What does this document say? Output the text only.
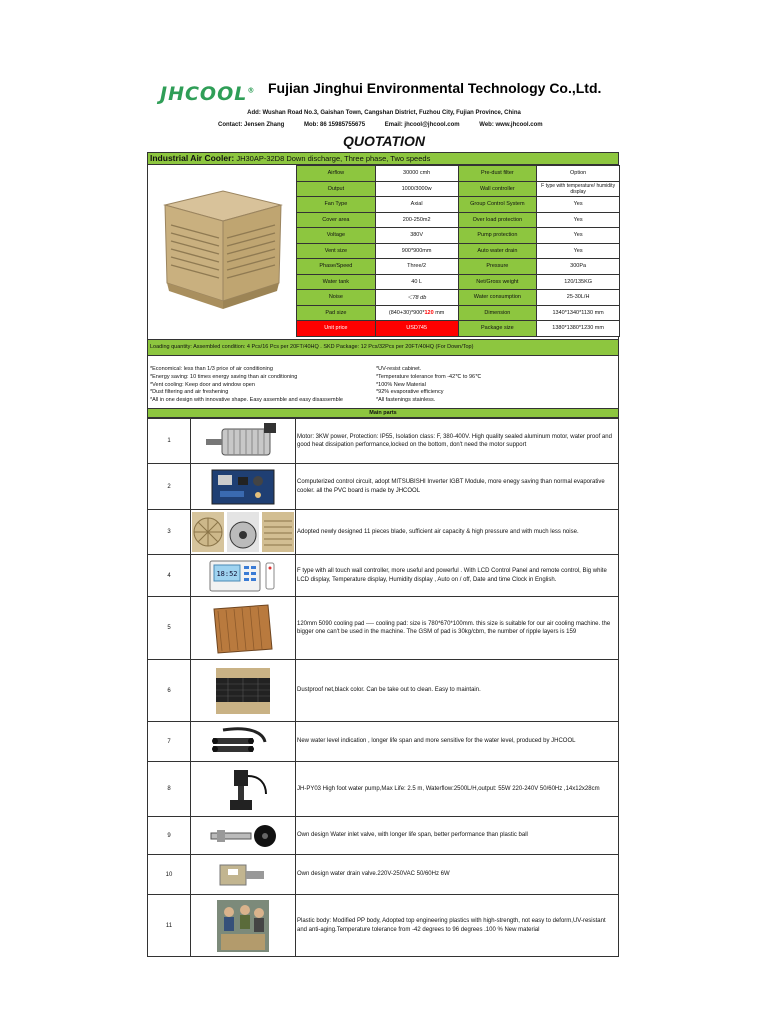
JHCOOL® Fujian Jinghui Environmental Technology Co.,Ltd.
Add: Wushan Road No.3, Gaishan Town, Cangshan District, Fuzhou City, Fujian Province, China
Contact: Jensen Zhang	Mob: 86 15985755675	Email: jhcool@jhcool.com	Web: www.jhcool.com
QUOTATION
Industrial Air Cooler: JH30AP-32D8 Down discharge, Three phase, Two speeds
Airflow	30000 cmh	Pre-dust filter	Option
Output	1000/3000w	Wall controller	F type with temperature/ humidity display
Fan Type	Axial	Group Control System	Yes
Cover area	200-250m2	Over load protection	Yes
Voltage	380V	Pump protection	Yes
Vent size	900*900mm	Auto water drain	Yes
Phase/Speed	Three/2	Pressure	300Pa
Water tank	40 L	Net/Gross weight	120/135KG
Noise	＜78 db	Water consumption	25-30L/H
Pad size	(840+30)*900*120 mm	Dimension	1340*1340*1130 mm
Unit price	USD745	Package size	1380*1380*1230 mm
Loading quantity: Assembled condition: 4 Pcs/16 Pcs per 20FT/40HQ . SKD Package: 12 Pcs/32Pcs per 20FT/40HQ (For Down/Top)
*Economical: less than 1/3 price of air conditioning
*Energy saving: 10 times energy saving than air conditioning
*Vent cooling: Keep door and window open
*Dust filtering and air freshening
*All in one design with innovative shape. Easy assemble and easy disassemble
*UV-resist cabinet.
*Temperature tolerance from -42℃ to 96℃
*100% New Material
*92% evaporative efficiency
*All fastenings stainless.
Main parts
1		Motor: 3KW power, Protection: IP55, Isolation class: F, 380-400V. High quality sealed aluminum motor, water proof and good heat dissipation performance,locked on the bottom, don't need the motor support
2		Computerized control circuit, adopt MITSUBISHI Inverter IGBT Module, more enegy saving than normal evaporative cooler. all the PVC board is made by JHCOOL
3		Adopted newly designed 11 pieces blade, sufficient air capacity & high pressure and with much less noise.
4	18:52	F type with all touch wall controller, more useful and powerful . With LCD Control Panel and remote control, Big white LCD display, Temperature display, Humidity display , Auto on / off, Date and time Clock in English.
5		120mm 5090 cooling pad ---- cooling pad: size is 780*670*100mm. this size is suitable for our air cooling machine. the bigger one can't be used in the machine. The GSM of pad is 30kg/cbm, the number of ripple layers is 159
6		Dustproof net,black color. Can be take out to clean. Easy to maintain.
7		New water level indication , longer life span and more sensitive for the water level, produced by JHCOOL
8		JH-PY03 High foot water pump,Max Life: 2.5 m, Waterflow:2500L/H,output: 55W 220-240V 50/60Hz ,14x12x28cm
9		Own design Water inlet valve, with longer life span, better performance than plastic ball
10		Own design water drain valve.220V-250VAC 50/60Hz 6W
11		Plastic body: Modified PP body, Adopted top engineering plastics with high-strength, not easy to deform,UV-resistant and anti-aging.Temperature tolerance from -42 degrees to 96 degrees .100 % New material
